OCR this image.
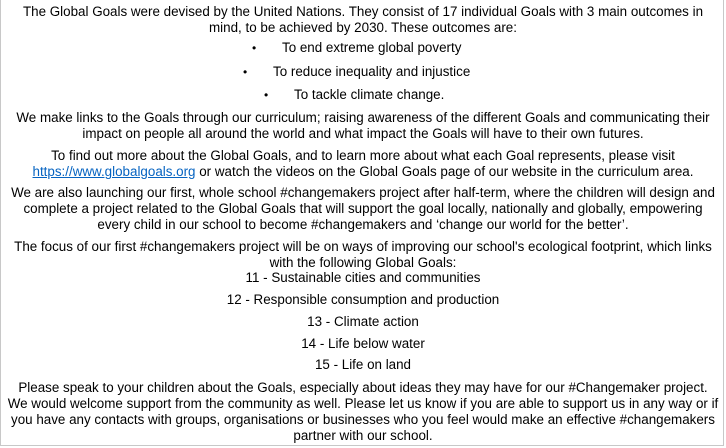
The Global Goals were devised by the United Nations. They consist of 17 individual Goals with 3 main outcomes in
mind, to be achieved by 2030. These outcomes are:

• To end extreme global poverty
• To reduce inequality and injustice
• To tackle climate change.

We make links to the Goals through our curriculum; raising awareness of the different Goals and communicating their
impact on people all around the world and what impact the Goals will have to their own futures.

To find out more about the Global Goals, and to learn more about what each Goal represents, please visit
https://www.globalgoals.org or watch the videos on the Global Goals page of our website in the curriculum area.

We are also launching our first, whole school #changemakers project after half-term, where the children will design and
complete a project related to the Global Goals that will support the goal locally, nationally and globally, empowering
every child in our school to become #changemakers and ‘change our world for the better’.

The focus of our first #changemakers project will be on ways of improving our school's ecological footprint, which links
with the following Global Goals:

11 - Sustainable cities and communities

12 - Responsible consumption and production

13 - Climate action

14 - Life below water

15 - Life on land

Please speak to your children about the Goals, especially about ideas they may have for our #Changemaker project.
We would welcome support from the community as well. Please let us know if you are able to support us in any way or if
you have any contacts with groups, organisations or businesses who you feel would make an effective #changemakers
partner with our school.
